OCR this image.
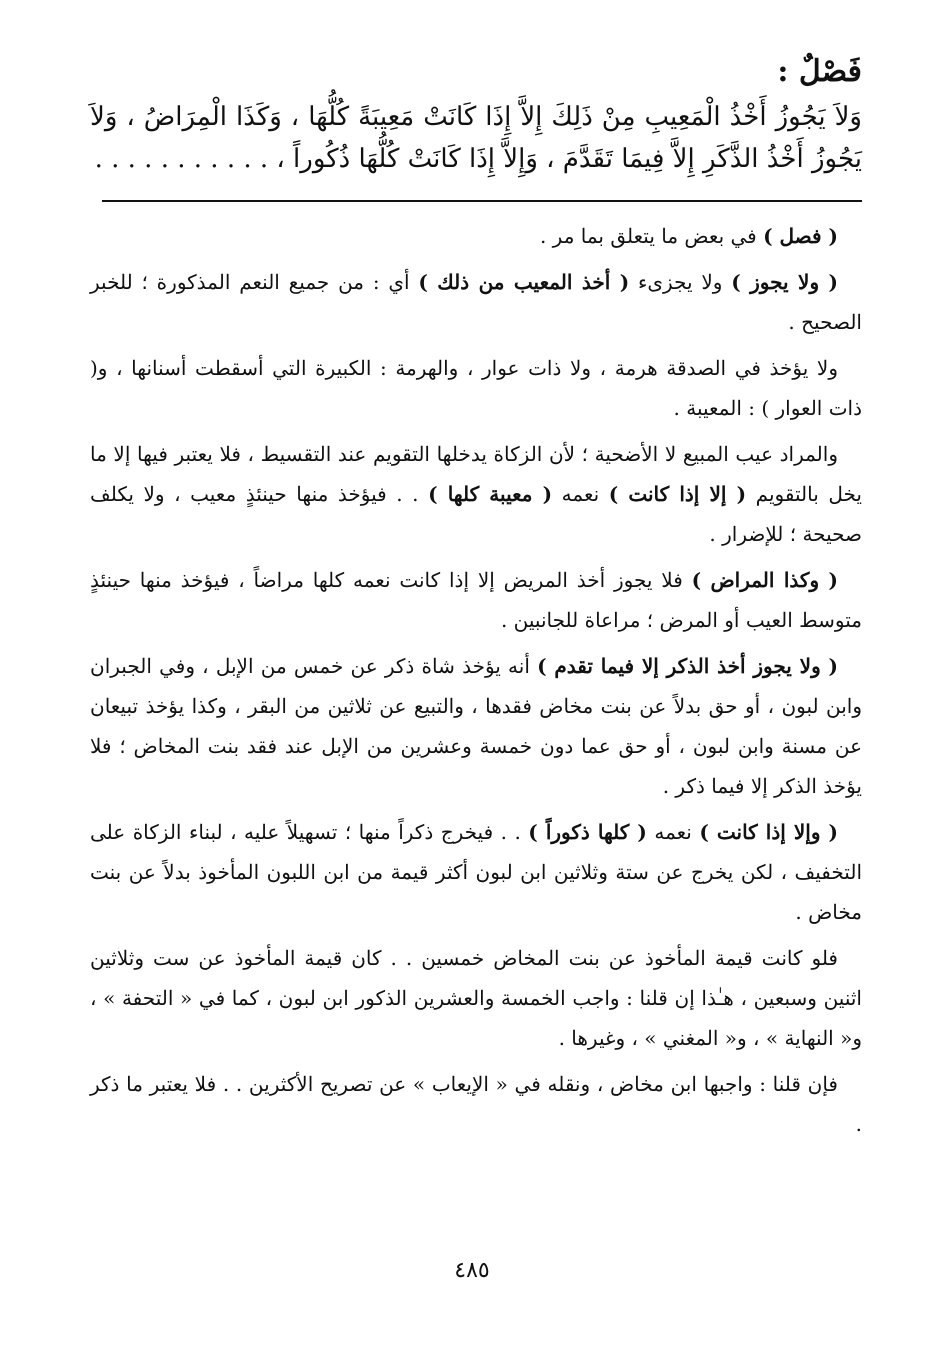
فَصْلٌ :

وَلاَ يَجُوزُ أَخْذُ الْمَعِيبِ مِنْ ذَلِكَ إِلاَّ إِذَا كَانَتْ مَعِيبَةً كُلُّهَا ، وَكَذَا الْمِرَاضُ ، وَلاَ يَجُوزُ أَخْذُ الذَّكَرِ إِلاَّ فِيمَا تَقَدَّمَ ، وَإِلاَّ إِذَا كَانَتْ كُلُّهَا ذُكُوراً ، . . . . . . . . . . .

( فصل ) في بعض ما يتعلق بما مر .

( ولا يجوز ) ولا يجزىء ( أخذ المعيب من ذلك ) أي : من جميع النعم المذكورة ؛ للخبر الصحيح .

ولا يؤخذ في الصدقة هرمة ، ولا ذات عوار ، والهرمة : الكبيرة التي أسقطت أسنانها ، و( ذات العوار ) : المعيبة .

والمراد عيب المبيع لا الأضحية ؛ لأن الزكاة يدخلها التقويم عند التقسيط ، فلا يعتبر فيها إلا ما يخل بالتقويم ( إلا إذا كانت ) نعمه ( معيبة كلها ) . . فيؤخذ منها حينئذٍ معيب ، ولا يكلف صحيحة ؛ للإضرار .

( وكذا المراض ) فلا يجوز أخذ المريض إلا إذا كانت نعمه كلها مراضاً ، فيؤخذ منها حينئذٍ متوسط العيب أو المرض ؛ مراعاة للجانبين .

( ولا يجوز أخذ الذكر إلا فيما تقدم ) أنه يؤخذ شاة ذكر عن خمس من الإبل ، وفي الجبران وابن لبون ، أو حق بدلاً عن بنت مخاض فقدها ، والتبيع عن ثلاثين من البقر ، وكذا يؤخذ تبيعان عن مسنة وابن لبون ، أو حق عما دون خمسة وعشرين من الإبل عند فقد بنت المخاض ؛ فلا يؤخذ الذكر إلا فيما ذكر .

( وإلا إذا كانت ) نعمه ( كلها ذكوراً ) . . فيخرج ذكراً منها ؛ تسهيلاً عليه ، لبناء الزكاة على التخفيف ، لكن يخرج عن ستة وثلاثين ابن لبون أكثر قيمة من ابن اللبون المأخوذ بدلاً عن بنت مخاض .

فلو كانت قيمة المأخوذ عن بنت المخاض خمسين . . كان قيمة المأخوذ عن ست وثلاثين اثنين وسبعين ، هـٰذا إن قلنا : واجب الخمسة والعشرين الذكور ابن لبون ، كما في « التحفة » ، و« النهاية » ، و« المغني » ، وغيرها .

فإن قلنا : واجبها ابن مخاض ، ونقله في « الإيعاب » عن تصريح الأكثرين . . فلا يعتبر ما ذكر .

٤٨٥
